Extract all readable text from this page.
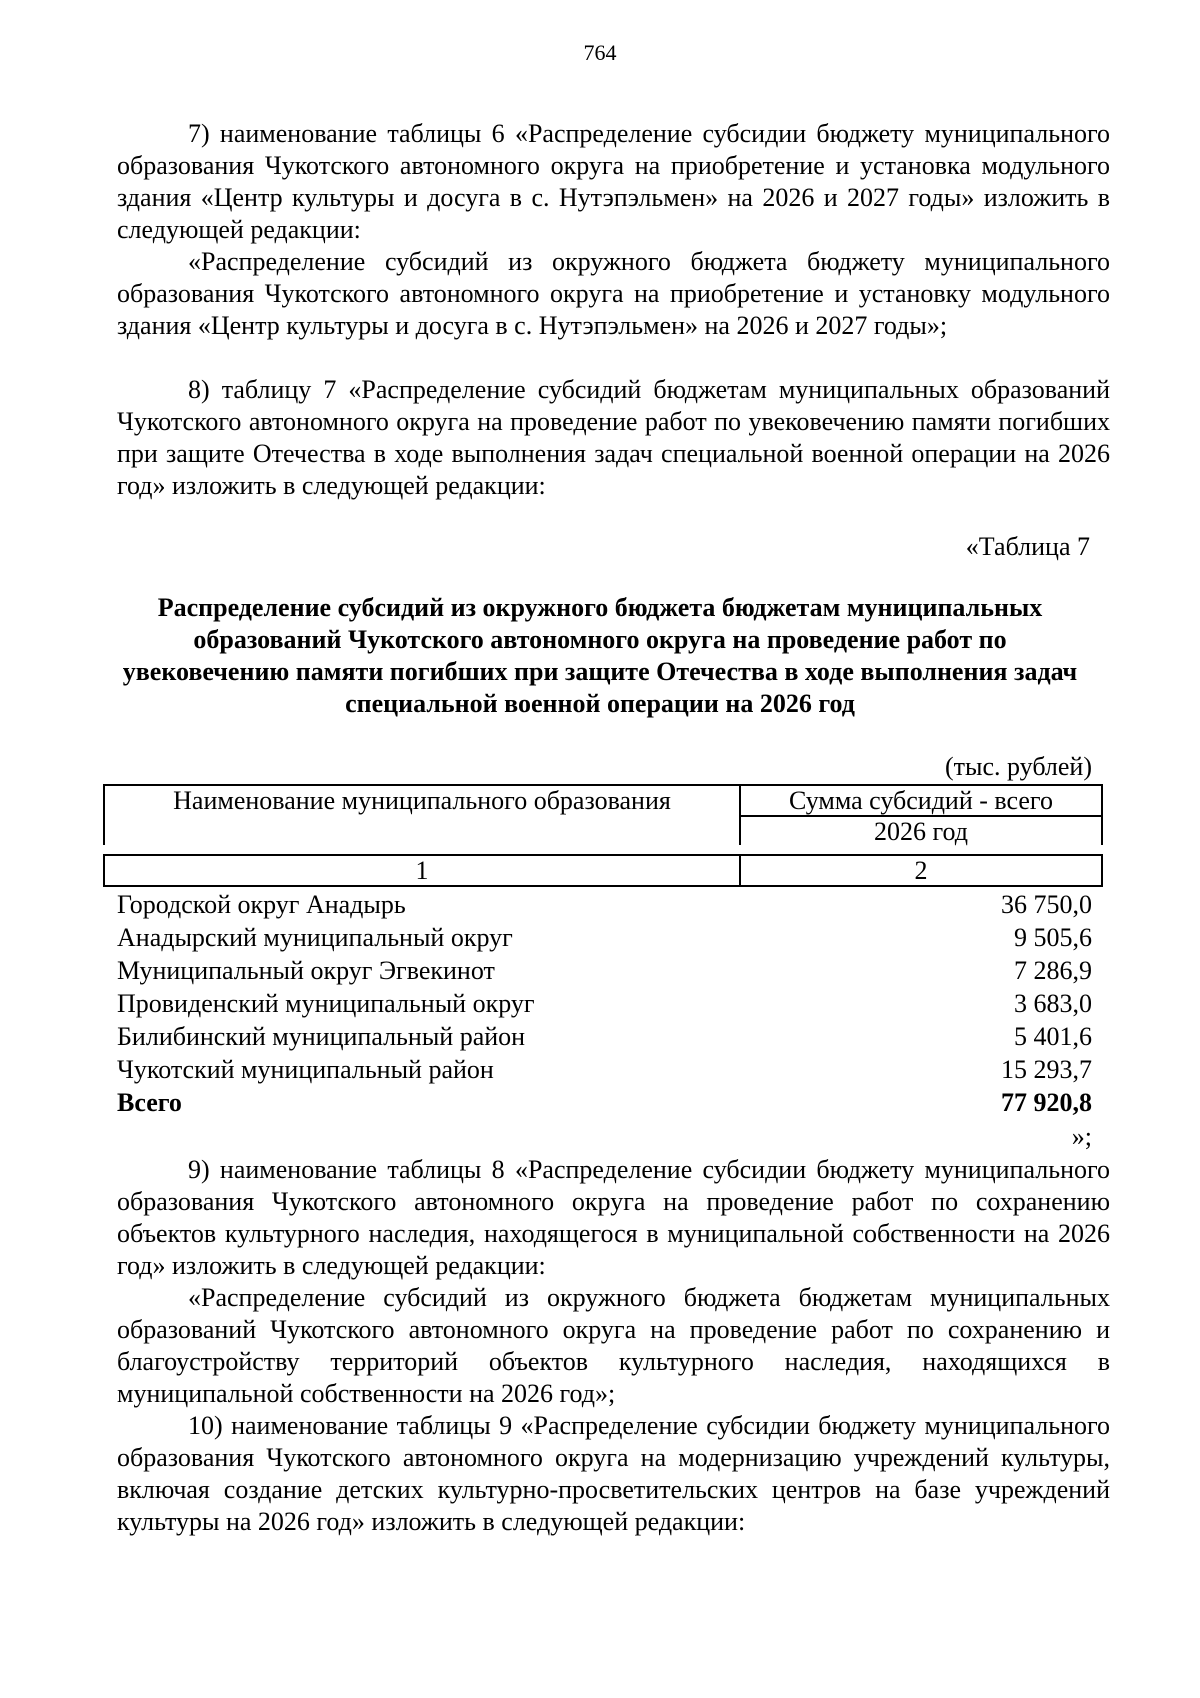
764
7) наименование таблицы 6 «Распределение субсидии бюджету муниципального образования Чукотского автономного округа на приобретение и установка модульного здания «Центр культуры и досуга в с. Нутэпэльмен» на 2026 и 2027 годы» изложить в следующей редакции:
«Распределение субсидий из окружного бюджета бюджету муниципального образования Чукотского автономного округа на приобретение и установку модульного здания «Центр культуры и досуга в с. Нутэпэльмен» на 2026 и 2027 годы»;
8) таблицу 7 «Распределение субсидий бюджетам муниципальных образований Чукотского автономного округа на проведение работ по увековечению памяти погибших при защите Отечества в ходе выполнения задач специальной военной операции на 2026 год» изложить в следующей редакции:
«Таблица 7
Распределение субсидий из окружного бюджета бюджетам муниципальных образований Чукотского автономного округа на проведение работ по увековечению памяти погибших при защите Отечества в ходе выполнения задач специальной военной операции на 2026 год
(тыс. рублей)
Наименование муниципального образования	Сумма субсидий - всего
2026 год
1	2
Городской округ Анадырь	36 750,0
Анадырский муниципальный округ	9 505,6
Муниципальный округ Эгвекинот	7 286,9
Провиденский муниципальный округ	3 683,0
Билибинский муниципальный район	5 401,6
Чукотский муниципальный район	15 293,7
Всего	77 920,8
»;
9) наименование таблицы 8 «Распределение субсидии бюджету муниципального образования Чукотского автономного округа на проведение работ по сохранению объектов культурного наследия, находящегося в муниципальной собственности на 2026 год» изложить в следующей редакции:
«Распределение субсидий из окружного бюджета бюджетам муниципальных образований Чукотского автономного округа на проведение работ по сохранению и благоустройству территорий объектов культурного наследия, находящихся в муниципальной собственности на 2026 год»;
10) наименование таблицы 9 «Распределение субсидии бюджету муниципального образования Чукотского автономного округа на модернизацию учреждений культуры, включая создание детских культурно-просветительских центров на базе учреждений культуры на 2026 год» изложить в следующей редакции:
